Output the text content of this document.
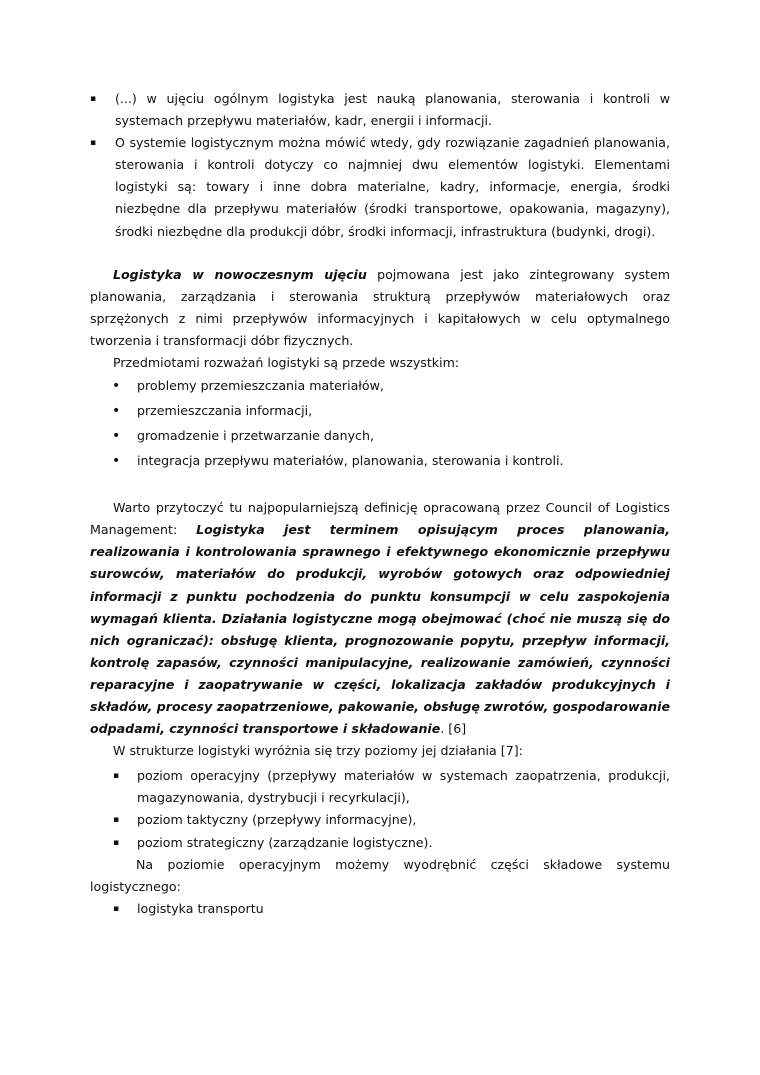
▪ (...) w ujęciu ogólnym logistyka jest nauką planowania, sterowania i kontroli w systemach przepływu materiałów, kadr, energii i informacji.
▪ O systemie logistycznym można mówić wtedy, gdy rozwiązanie zagadnień planowania, sterowania i kontroli dotyczy co najmniej dwu elementów logistyki. Elementami logistyki są: towary i inne dobra materialne, kadry, informacje, energia, środki niezbędne dla przepływu materiałów (środki transportowe, opakowania, magazyny), środki niezbędne dla produkcji dóbr, środki informacji, infrastruktura (budynki, drogi).

Logistyka w nowoczesnym ujęciu pojmowana jest jako zintegrowany system planowania, zarządzania i sterowania strukturą przepływów materiałowych oraz sprzężonych z nimi przepływów informacyjnych i kapitałowych w celu optymalnego tworzenia i transformacji dóbr fizycznych.

Przedmiotami rozważań logistyki są przede wszystkim:

• problemy przemieszczania materiałów,
• przemieszczania informacji,
• gromadzenie i przetwarzanie danych,
• integracja przepływu materiałów, planowania, sterowania i kontroli.

Warto przytoczyć tu najpopularniejszą definicję opracowaną przez Council of Logistics Management: Logistyka jest terminem opisującym proces planowania, realizowania i kontrolowania sprawnego i efektywnego ekonomicznie przepływu surowców, materiałów do produkcji, wyrobów gotowych oraz odpowiedniej informacji z punktu pochodzenia do punktu konsumpcji w celu zaspokojenia wymagań klienta. Działania logistyczne mogą obejmować (choć nie muszą się do nich ograniczać): obsługę klienta, prognozowanie popytu, przepływ informacji, kontrolę zapasów, czynności manipulacyjne, realizowanie zamówień, czynności reparacyjne i zaopatrywanie w części, lokalizacja zakładów produkcyjnych i składów, procesy zaopatrzeniowe, pakowanie, obsługę zwrotów, gospodarowanie odpadami, czynności transportowe i składowanie. [6]

W strukturze logistyki wyróżnia się trzy poziomy jej działania [7]:

▪ poziom operacyjny (przepływy materiałów w systemach zaopatrzenia, produkcji, magazynowania, dystrybucji i recyrkulacji),
▪ poziom taktyczny (przepływy informacyjne),
▪ poziom strategiczny (zarządzanie logistyczne).

Na poziomie operacyjnym możemy wyodrębnić części składowe systemu logistycznego:

▪ logistyka transportu
